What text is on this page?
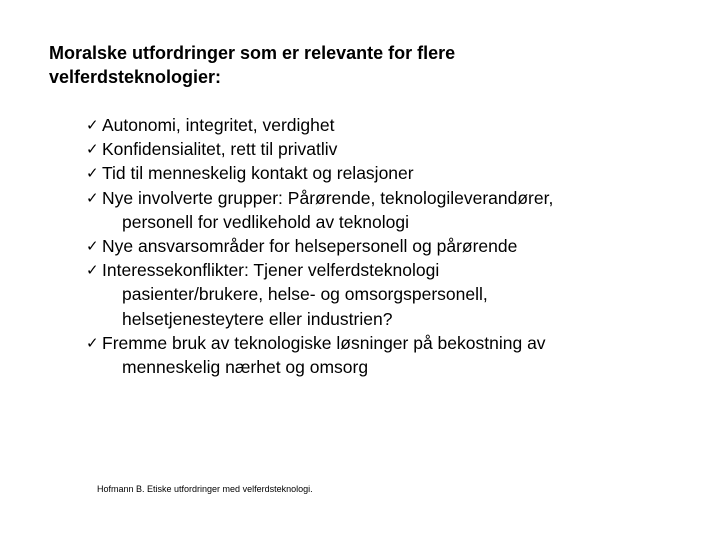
Moralske utfordringer som er relevante for flere
velferdsteknologier:
✓ Autonomi, integritet, verdighet
✓ Konfidensialitet, rett til privatliv
✓ Tid til menneskelig kontakt og relasjoner
✓ Nye involverte grupper: Pårørende, teknologileverandører,
personell for vedlikehold av teknologi
✓ Nye ansvarsområder for helsepersonell og pårørende
✓ Interessekonflikter: Tjener velferdsteknologi
pasienter/brukere, helse- og omsorgspersonell,
helsetjenesteytere eller industrien?
✓ Fremme bruk av teknologiske løsninger på bekostning av
menneskelig nærhet og omsorg
Hofmann B. Etiske utfordringer med velferdsteknologi.
